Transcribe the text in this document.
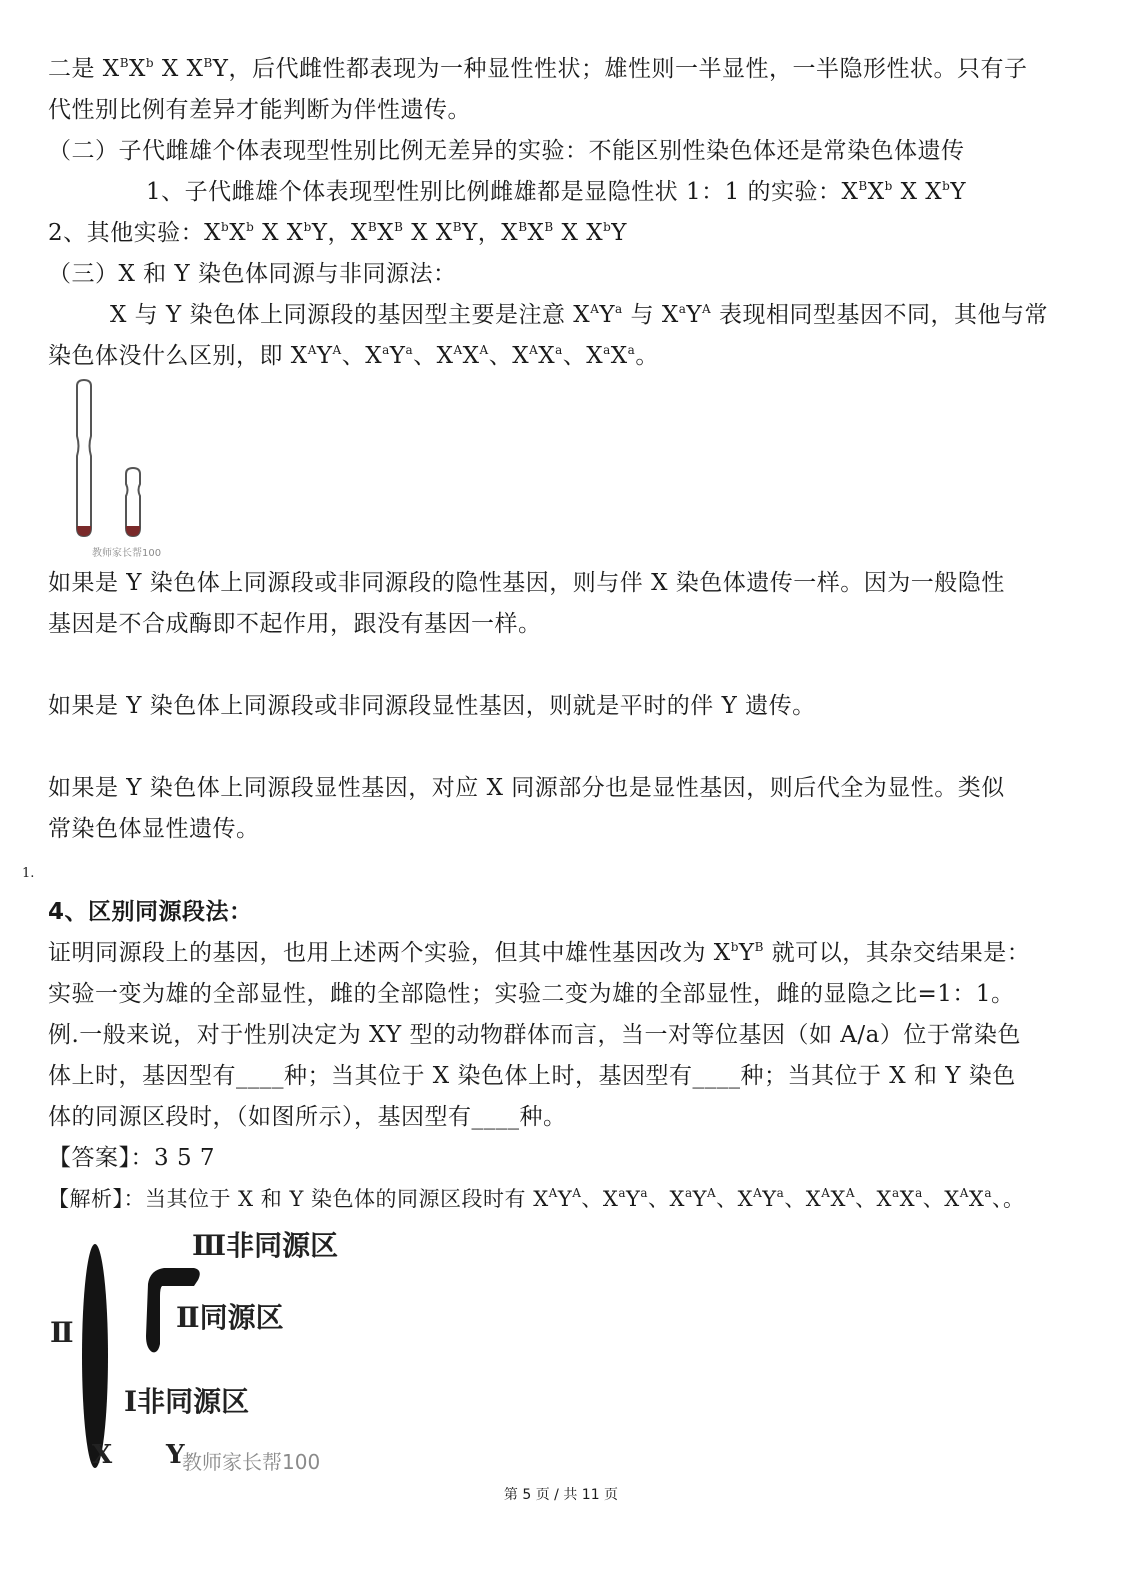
二是 $X^BX^b$ X $X^BY$，后代雌性都表现为一种显性性状；雄性则一半显性，一半隐形性状。只有子
代性别比例有差异才能判断为伴性遗传。
（二）子代雌雄个体表现型性别比例无差异的实验：不能区别性染色体还是常染色体遗传
1、子代雌雄个体表现型性别比例雌雄都是显隐性状 1：1 的实验：$X^BX^b$ X $X^bY$
2、其他实验：$X^bX^b$ X $X^bY$，$X^BX^B$ X $X^BY$，$X^BX^B$ X $X^bY$
（三）X 和 Y 染色体同源与非同源法：
X 与 Y 染色体上同源段的基因型主要是注意 $X^AY^a$ 与 $X^aY^A$ 表现相同型基因不同，其他与常
染色体没什么区别，即 $X^AY^A$、$X^aY^a$、$X^AX^A$、$X^AX^a$、$X^aX^a$。
教师家长帮100
如果是 Y 染色体上同源段或非同源段的隐性基因，则与伴 X 染色体遗传一样。因为一般隐性
基因是不合成酶即不起作用，跟没有基因一样。
如果是 Y 染色体上同源段或非同源段显性基因，则就是平时的伴 Y 遗传。
如果是 Y 染色体上同源段显性基因，对应 X 同源部分也是显性基因，则后代全为显性。类似
常染色体显性遗传。
1.
4、区别同源段法：
证明同源段上的基因，也用上述两个实验，但其中雄性基因改为 $X^bY^B$ 就可以，其杂交结果是：
实验一变为雄的全部显性，雌的全部隐性；实验二变为雄的全部显性，雌的显隐之比=1：1。
例.一般来说，对于性别决定为 XY 型的动物群体而言，当一对等位基因（如 A/a）位于常染色
体上时，基因型有____种；当其位于 X 染色体上时，基因型有____种；当其位于 X 和 Y 染色
体的同源区段时，（如图所示），基因型有____种。
【答案】：3 5 7
【解析】：当其位于 X 和 Y 染色体的同源区段时有 $X^AY^A$、$X^aY^a$、$X^aY^A$、$X^AY^a$、$X^AX^A$、$X^aX^a$、$X^AX^a$、。
Ⅲ非同源区
Ⅱ	Ⅱ同源区
Ⅰ非同源区
X Y
教师家长帮100
第 5 页 / 共 11 页
